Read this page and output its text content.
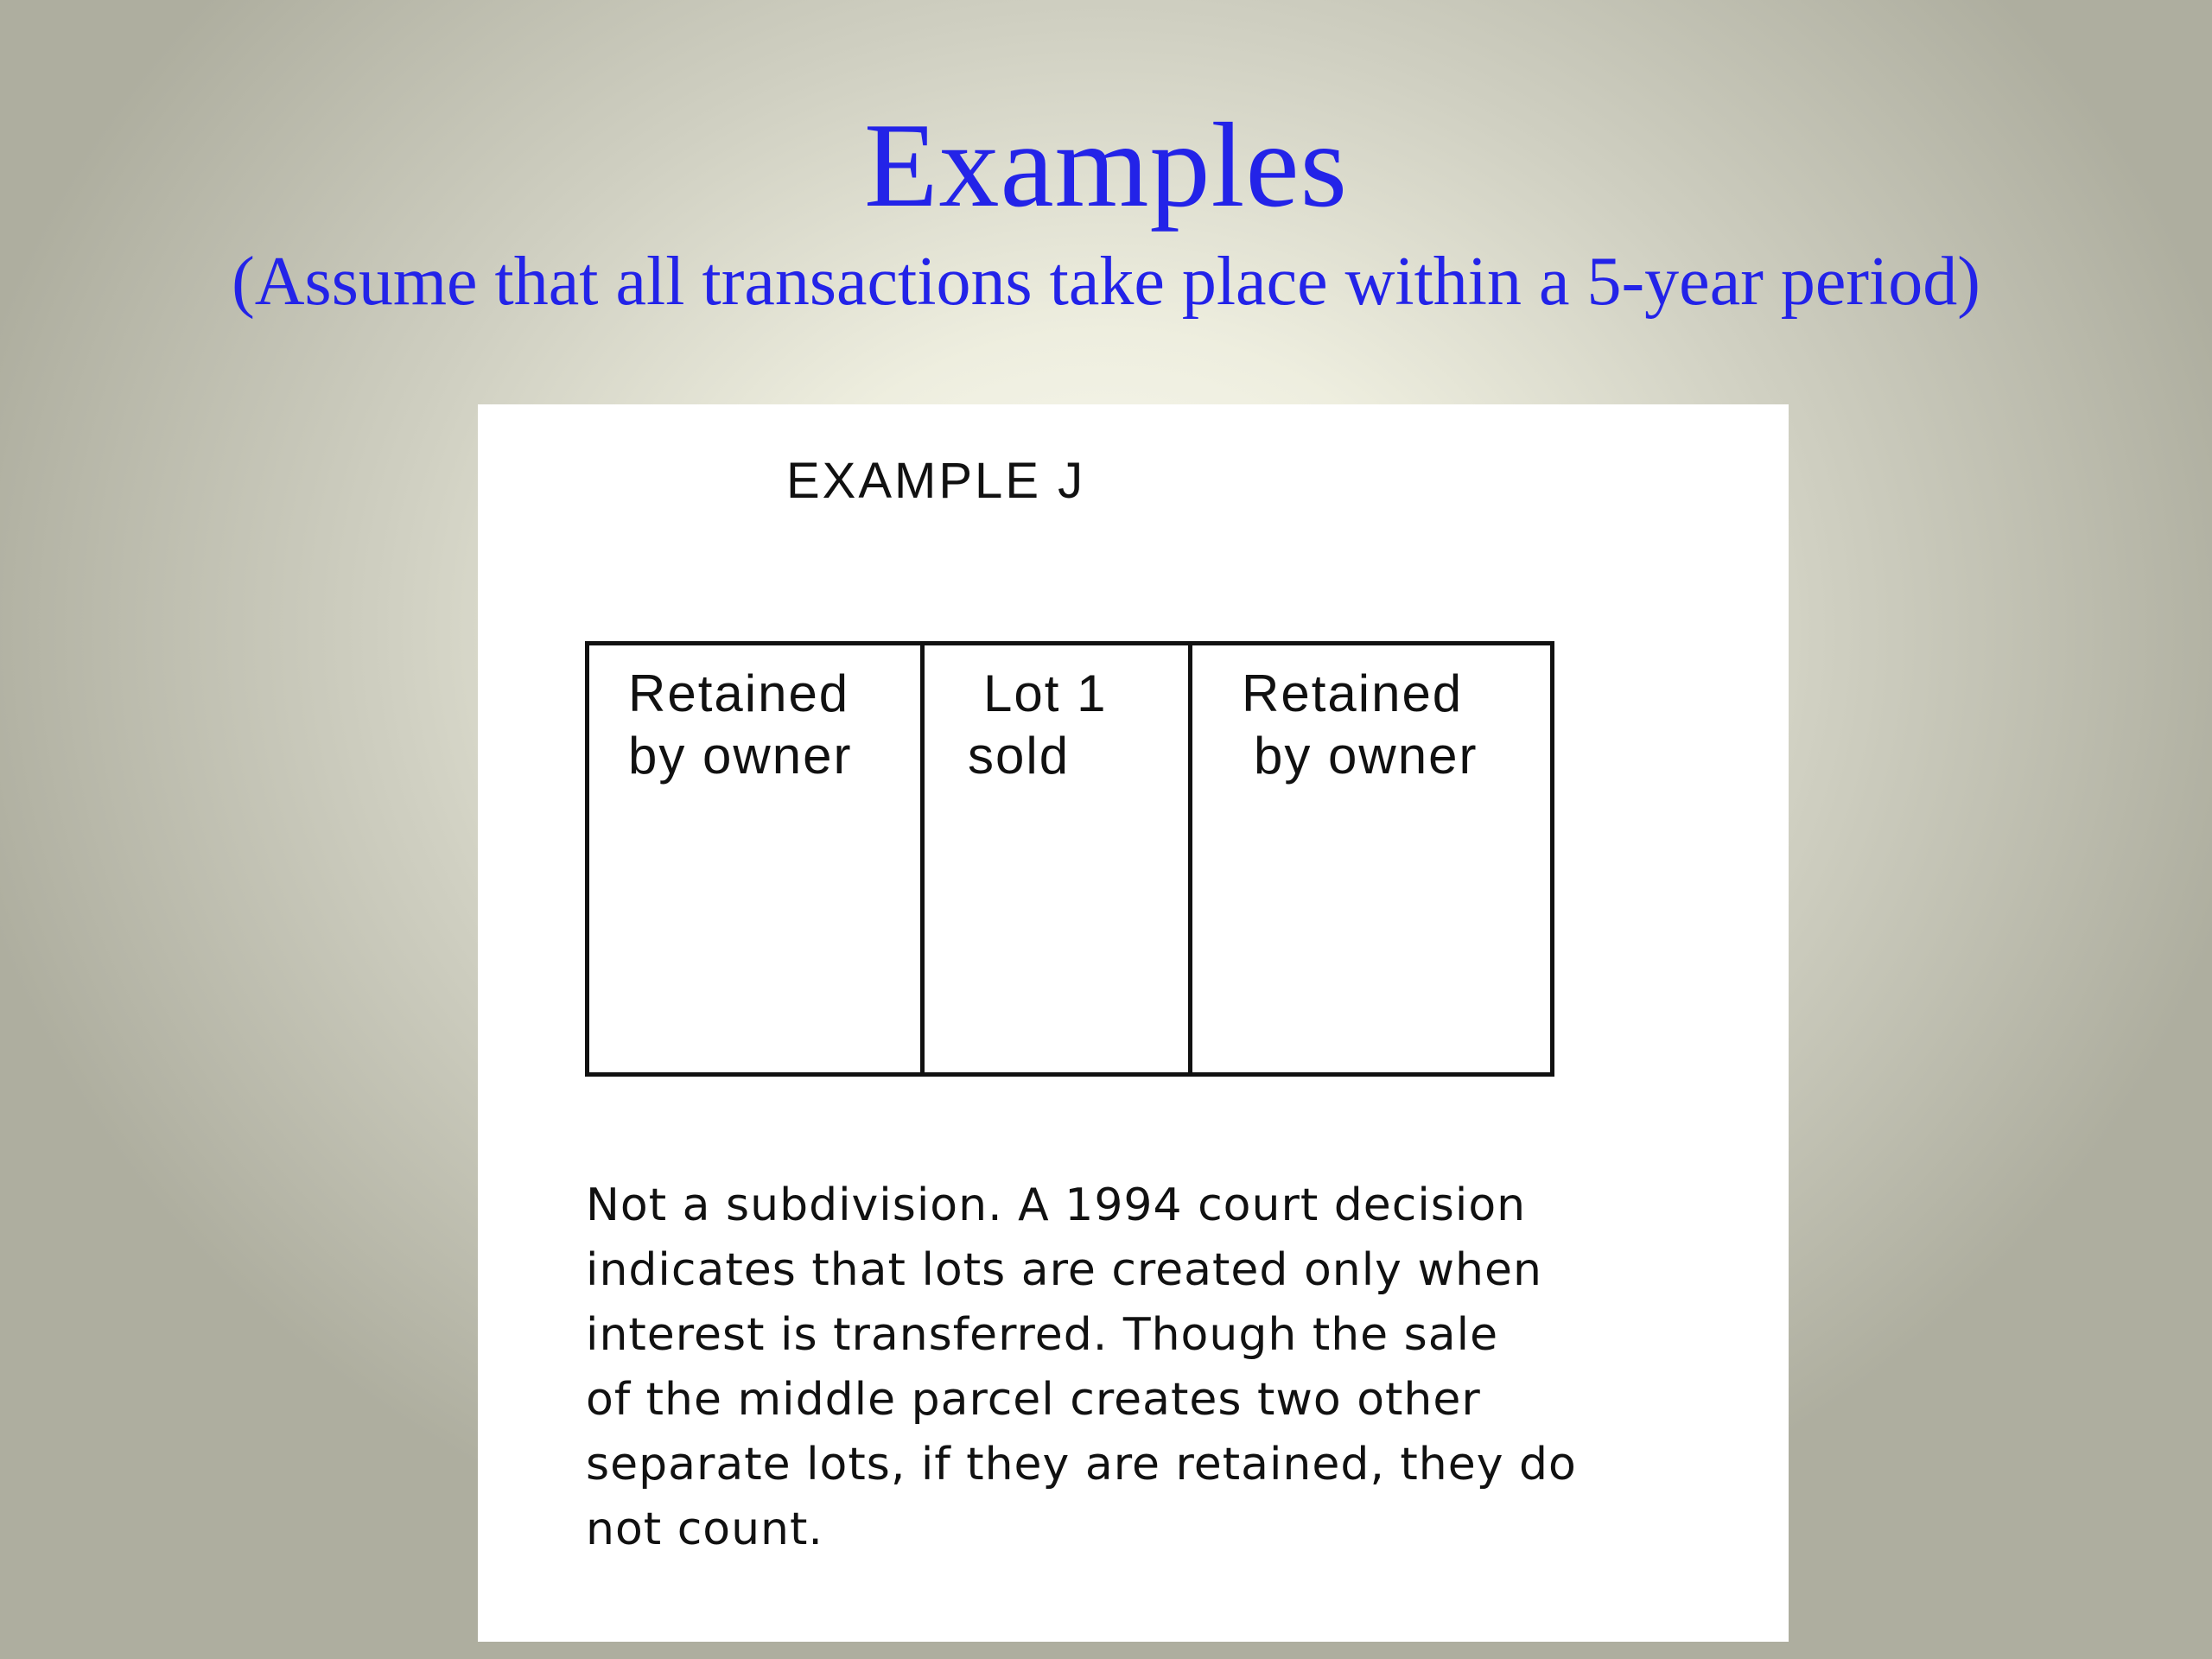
Examples
(Assume that all transactions take place within a 5-year period)
EXAMPLE J
Retained
by owner
Lot 1
sold
Retained
by owner
Not a subdivision. A 1994 court decision
indicates that lots are created only when
interest is transferred. Though the sale
of the middle parcel creates two other
separate lots, if they are retained, they do
not count.
